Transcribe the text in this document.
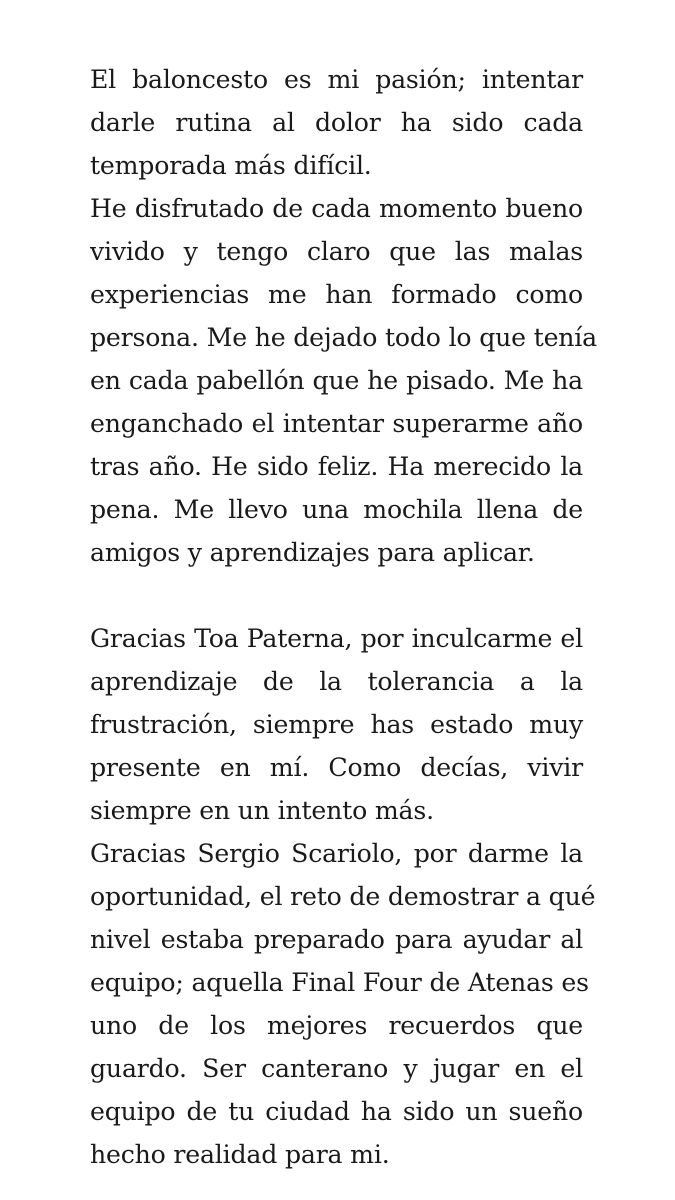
El baloncesto es mi pasión; intentar
darle rutina al dolor ha sido cada
temporada más difícil.
He disfrutado de cada momento bueno
vivido y tengo claro que las malas
experiencias me han formado como
persona. Me he dejado todo lo que tenía
en cada pabellón que he pisado. Me ha
enganchado el intentar superarme año
tras año. He sido feliz. Ha merecido la
pena. Me llevo una mochila llena de
amigos y aprendizajes para aplicar.
Gracias Toa Paterna, por inculcarme el
aprendizaje de la tolerancia a la
frustración, siempre has estado muy
presente en mí. Como decías, vivir
siempre en un intento más.
Gracias Sergio Scariolo, por darme la
oportunidad, el reto de demostrar a qué
nivel estaba preparado para ayudar al
equipo; aquella Final Four de Atenas es
uno de los mejores recuerdos que
guardo. Ser canterano y jugar en el
equipo de tu ciudad ha sido un sueño
hecho realidad para mi.
